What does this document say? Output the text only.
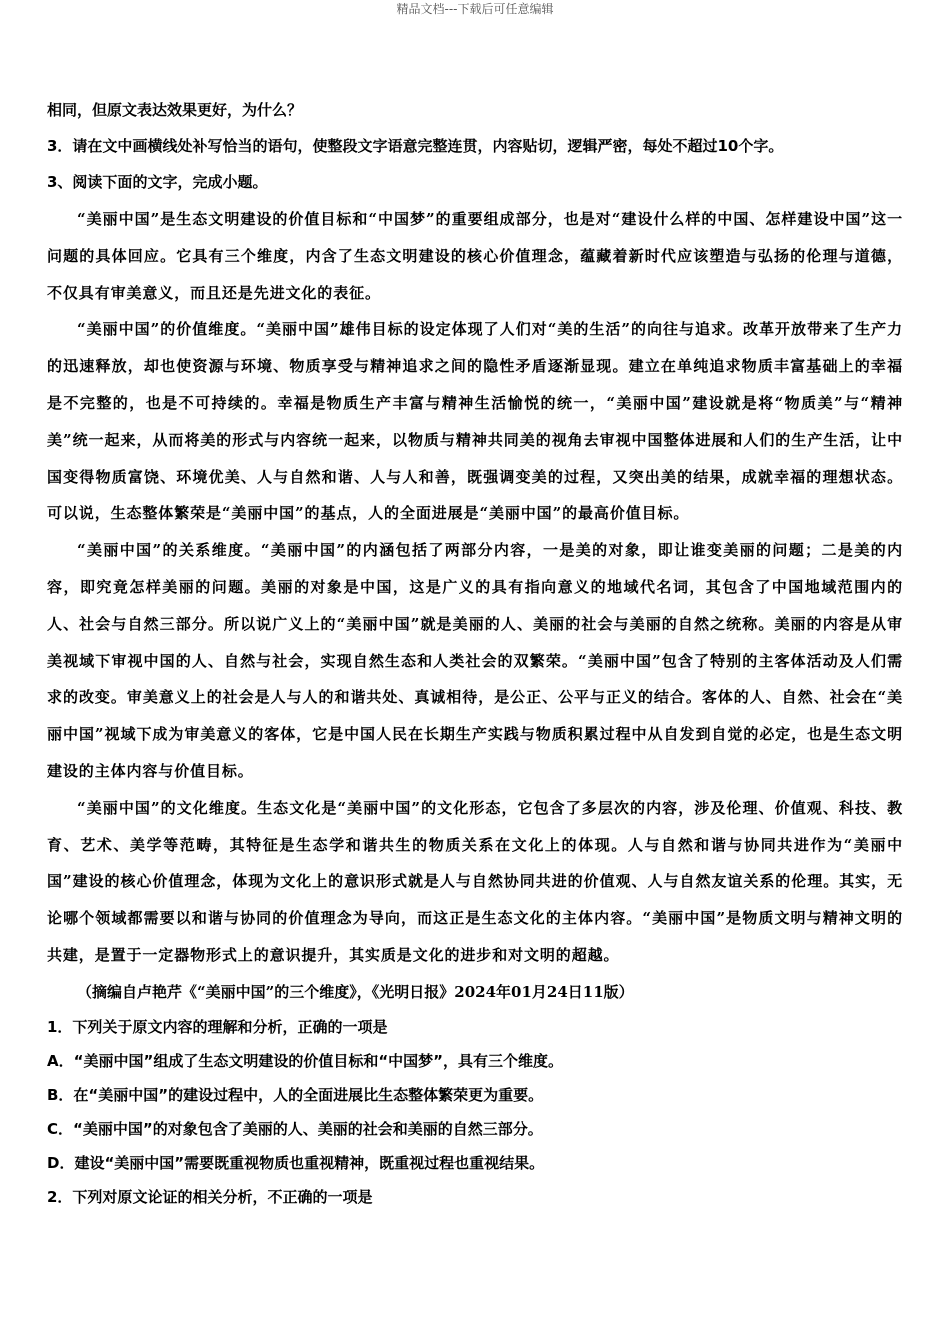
精品文档---下载后可任意编辑
相同，但原文表达效果更好，为什么？
3．请在文中画横线处补写恰当的语句，使整段文字语意完整连贯，内容贴切，逻辑严密，每处不超过10个字。
3、阅读下面的文字，完成小题。
“美丽中国”是生态文明建设的价值目标和“中国梦”的重要组成部分，也是对“建设什么样的中国、怎样建设中国”这一问题的具体回应。它具有三个维度，内含了生态文明建设的核心价值理念，蕴藏着新时代应该塑造与弘扬的伦理与道德，不仅具有审美意义，而且还是先进文化的表征。
“美丽中国”的价值维度。“美丽中国”雄伟目标的设定体现了人们对“美的生活”的向往与追求。改革开放带来了生产力的迅速释放，却也使资源与环境、物质享受与精神追求之间的隐性矛盾逐渐显现。建立在单纯追求物质丰富基础上的幸福是不完整的，也是不可持续的。幸福是物质生产丰富与精神生活愉悦的统一，“美丽中国”建设就是将“物质美”与“精神美”统一起来，从而将美的形式与内容统一起来，以物质与精神共同美的视角去审视中国整体进展和人们的生产生活，让中国变得物质富饶、环境优美、人与自然和谐、人与人和善，既强调变美的过程，又突出美的结果，成就幸福的理想状态。可以说，生态整体繁荣是“美丽中国”的基点，人的全面进展是“美丽中国”的最高价值目标。
“美丽中国”的关系维度。“美丽中国”的内涵包括了两部分内容，一是美的对象，即让谁变美丽的问题；二是美的内容，即究竟怎样美丽的问题。美丽的对象是中国，这是广义的具有指向意义的地域代名词，其包含了中国地域范围内的人、社会与自然三部分。所以说广义上的“美丽中国”就是美丽的人、美丽的社会与美丽的自然之统称。美丽的内容是从审美视域下审视中国的人、自然与社会，实现自然生态和人类社会的双繁荣。“美丽中国”包含了特别的主客体活动及人们需求的改变。审美意义上的社会是人与人的和谐共处、真诚相待，是公正、公平与正义的结合。客体的人、自然、社会在“美丽中国”视域下成为审美意义的客体，它是中国人民在长期生产实践与物质积累过程中从自发到自觉的必定，也是生态文明建设的主体内容与价值目标。
“美丽中国”的文化维度。生态文化是“美丽中国”的文化形态，它包含了多层次的内容，涉及伦理、价值观、科技、教育、艺术、美学等范畴，其特征是生态学和谐共生的物质关系在文化上的体现。人与自然和谐与协同共进作为“美丽中国”建设的核心价值理念，体现为文化上的意识形式就是人与自然协同共进的价值观、人与自然友谊关系的伦理。其实，无论哪个领域都需要以和谐与协同的价值理念为导向，而这正是生态文化的主体内容。“美丽中国”是物质文明与精神文明的共建，是置于一定器物形式上的意识提升，其实质是文化的进步和对文明的超越。
（摘编自卢艳芹《“美丽中国”的三个维度》，《光明日报》2024年01月24日11版）
1．下列关于原文内容的理解和分析，正确的一项是
A．“美丽中国”组成了生态文明建设的价值目标和“中国梦”，具有三个维度。
B．在“美丽中国”的建设过程中，人的全面进展比生态整体繁荣更为重要。
C．“美丽中国”的对象包含了美丽的人、美丽的社会和美丽的自然三部分。
D．建设“美丽中国”需要既重视物质也重视精神，既重视过程也重视结果。
2．下列对原文论证的相关分析，不正确的一项是
